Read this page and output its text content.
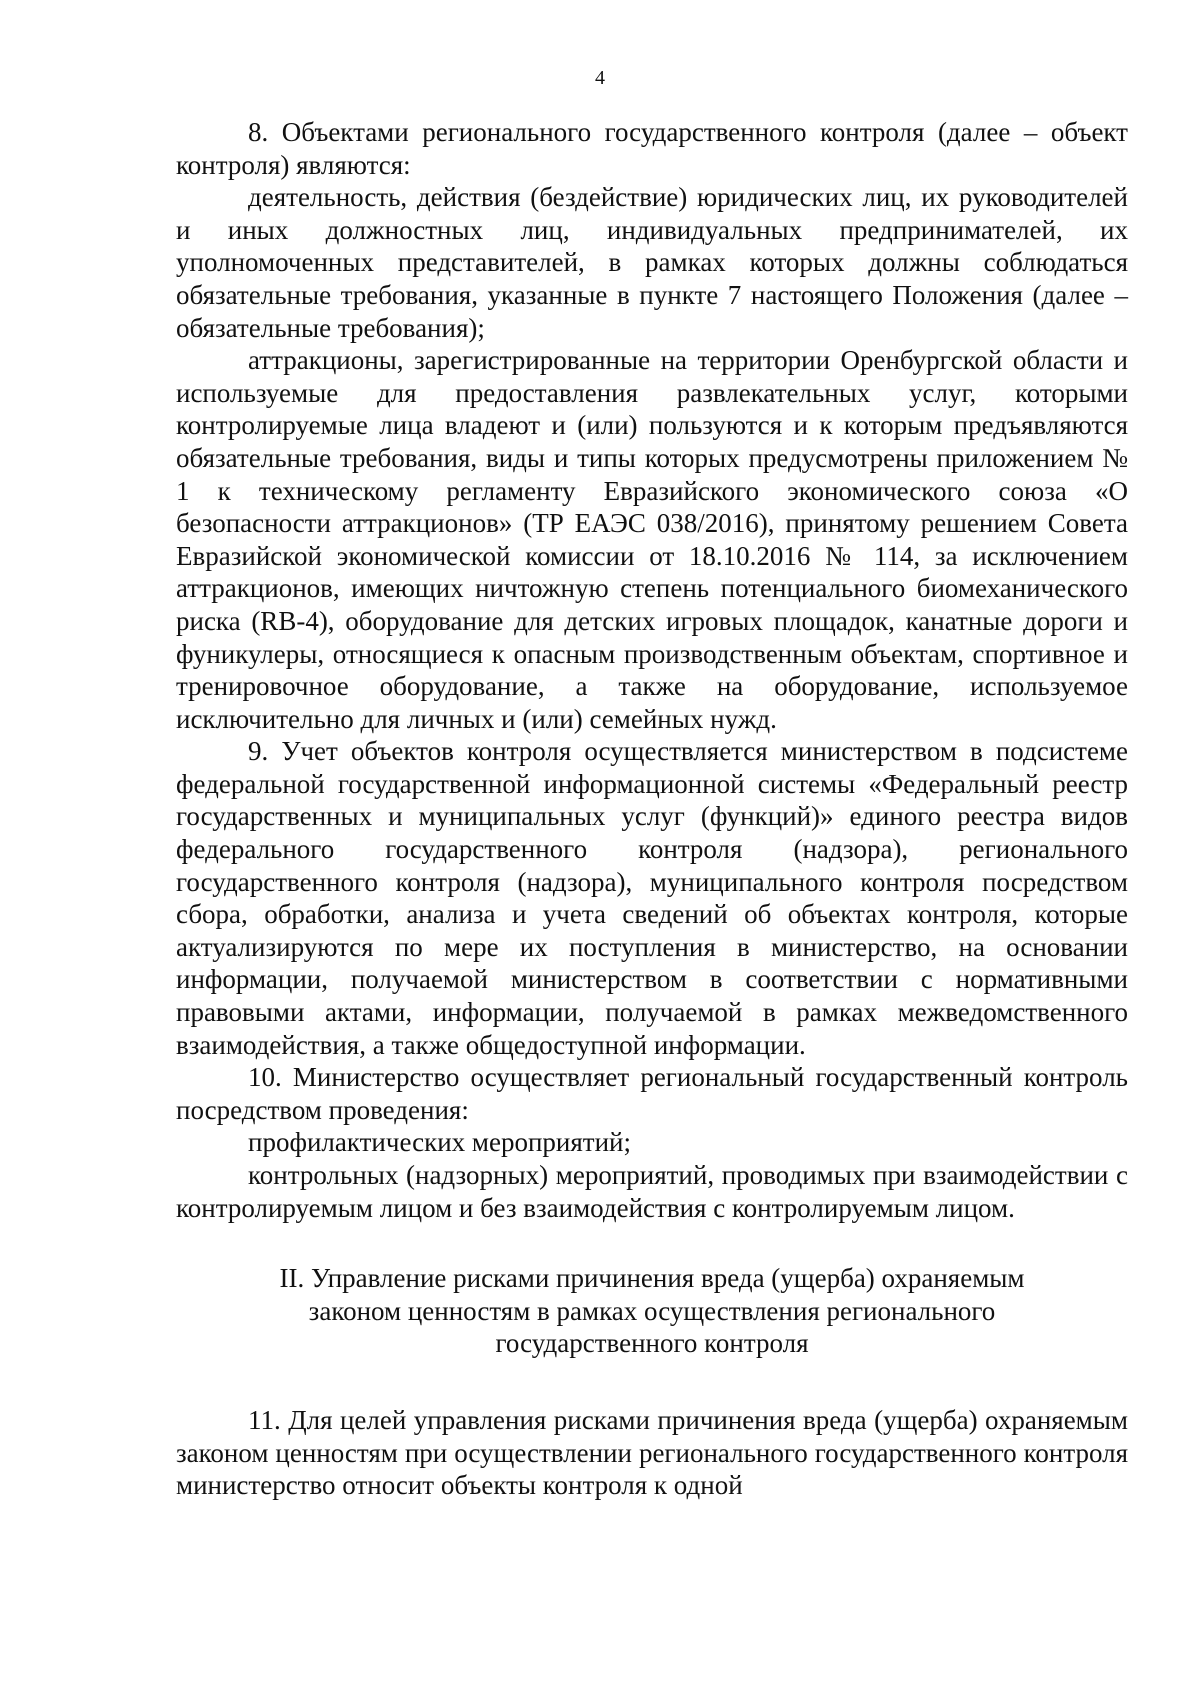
4

8. Объектами регионального государственного контроля (далее – объект контроля) являются:

деятельность, действия (бездействие) юридических лиц, их руководителей и иных должностных лиц, индивидуальных предпринимателей, их уполномоченных представителей, в рамках которых должны соблюдаться обязательные требования, указанные в пункте 7 настоящего Положения (далее – обязательные требования);

аттракционы, зарегистрированные на территории Оренбургской области и используемые для предоставления развлекательных услуг, которыми контролируемые лица владеют и (или) пользуются и к которым предъявляются обязательные требования, виды и типы которых предусмотрены приложением № 1 к техническому регламенту Евразийского экономического союза «О безопасности аттракционов» (ТР ЕАЭС 038/2016), принятому решением Совета Евразийской экономической комиссии от 18.10.2016 № 114, за исключением аттракционов, имеющих ничтожную степень потенциального биомеханического риска (RB-4), оборудование для детских игровых площадок, канатные дороги и фуникулеры, относящиеся к опасным производственным объектам, спортивное и тренировочное оборудование, а также на оборудование, используемое исключительно для личных и (или) семейных нужд.

9. Учет объектов контроля осуществляется министерством в подсистеме федеральной государственной информационной системы «Федеральный реестр государственных и муниципальных услуг (функций)» единого реестра видов федерального государственного контроля (надзора), регионального государственного контроля (надзора), муниципального контроля посредством сбора, обработки, анализа и учета сведений об объектах контроля, которые актуализируются по мере их поступления в министерство, на основании информации, получаемой министерством в соответствии с нормативными правовыми актами, информации, получаемой в рамках межведомственного взаимодействия, а также общедоступной информации.

10. Министерство осуществляет региональный государственный контроль посредством проведения:

профилактических мероприятий;

контрольных (надзорных) мероприятий, проводимых при взаимодействии с контролируемым лицом и без взаимодействия с контролируемым лицом.

II. Управление рисками причинения вреда (ущерба) охраняемым
законом ценностям в рамках осуществления регионального
государственного контроля

11. Для целей управления рисками причинения вреда (ущерба) охраняемым законом ценностям при осуществлении регионального государственного контроля министерство относит объекты контроля к одной
